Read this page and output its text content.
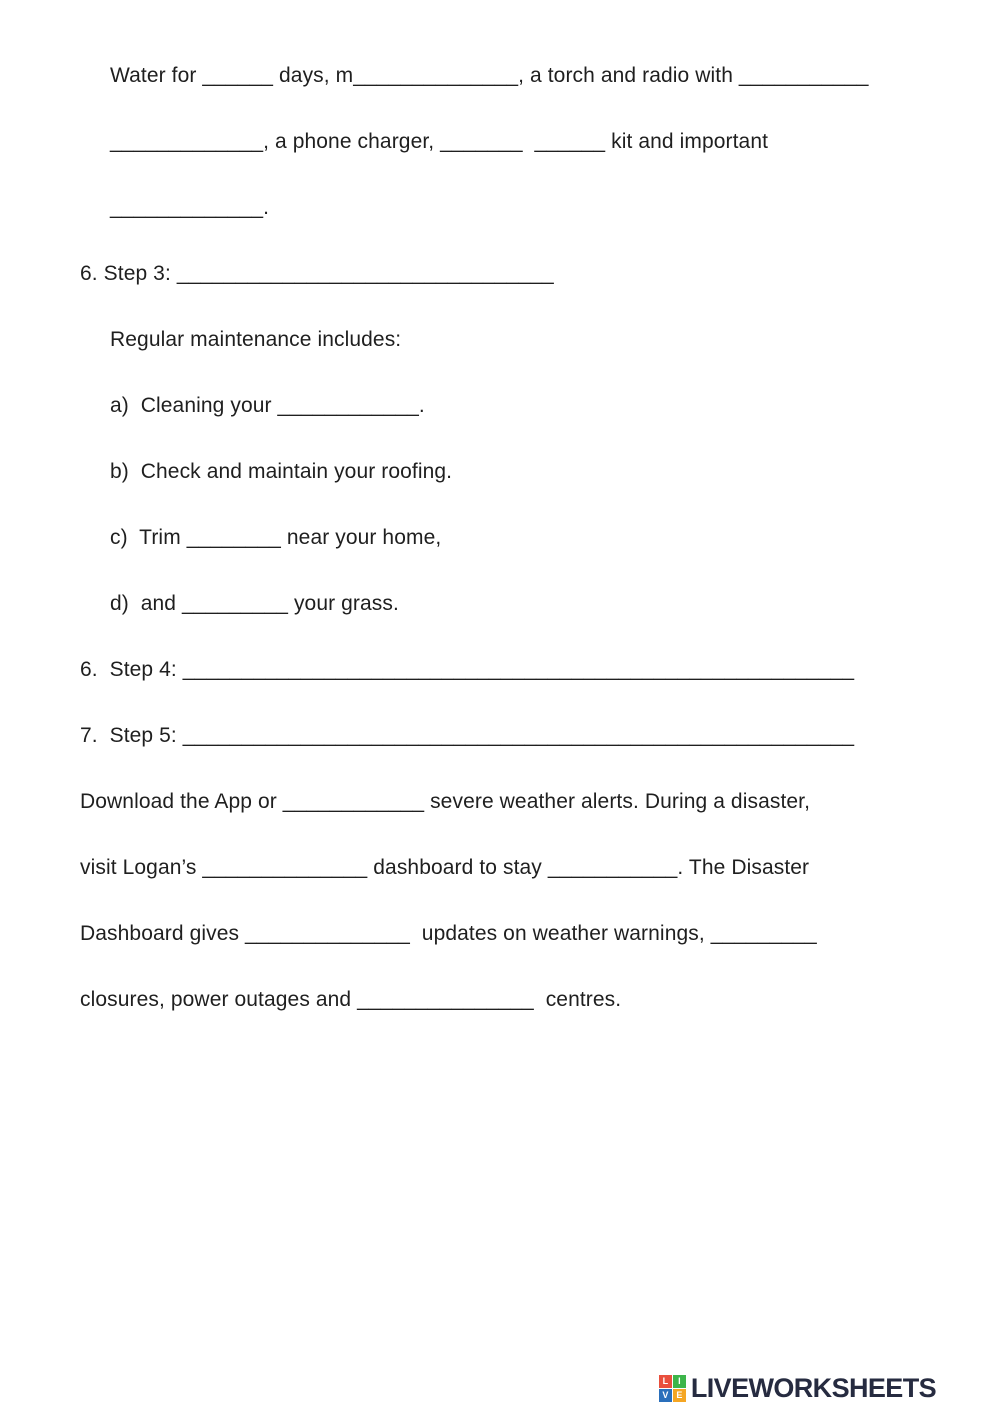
Water for ______ days, m______________, a torch and radio with ___________

_____________, a phone charger, _______  ______ kit and important

_____________.

6. Step 3: ________________________________

Regular maintenance includes:

a)  Cleaning your ____________.

b)  Check and maintain your roofing.

c)  Trim ________ near your home,

d)  and _________ your grass.

6.  Step 4: _________________________________________________________

7.  Step 5: _________________________________________________________

Download the App or ____________ severe weather alerts. During a disaster,

visit Logan’s ______________ dashboard to stay ___________. The Disaster

Dashboard gives ______________  updates on weather warnings, _________

closures, power outages and _______________  centres.

L	I
V E LIVEWORKSHEETS
